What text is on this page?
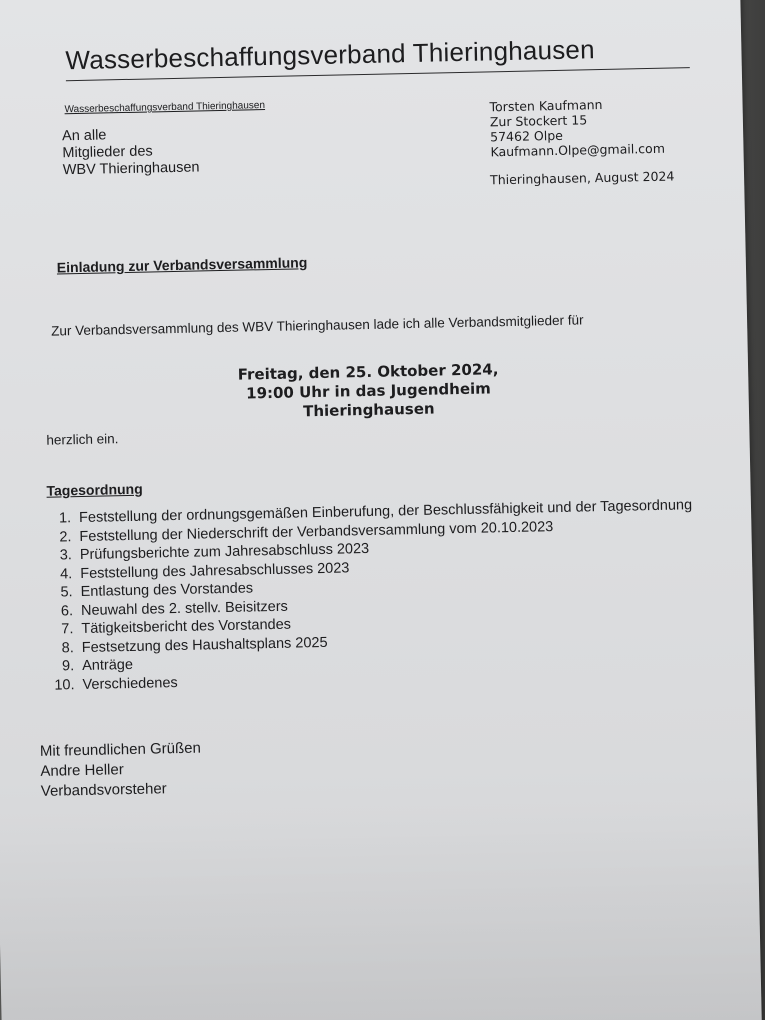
Wasserbeschaffungsverband Thieringhausen
Wasserbeschaffungsverband Thieringhausen
An alle
Mitglieder des
WBV Thieringhausen
Torsten Kaufmann
Zur Stockert 15
57462 Olpe
Kaufmann.Olpe@gmail.com
Thieringhausen, August 2024
Einladung zur Verbandsversammlung
Zur Verbandsversammlung des WBV Thieringhausen lade ich alle Verbandsmitglieder für
Freitag, den 25. Oktober 2024,
19:00 Uhr in das Jugendheim Thieringhausen
herzlich ein.
Tagesordnung
1. Feststellung der ordnungsgemäßen Einberufung, der Beschlussfähigkeit und der Tagesordnung
2. Feststellung der Niederschrift der Verbandsversammlung vom 20.10.2023
3. Prüfungsberichte zum Jahresabschluss 2023
4. Feststellung des Jahresabschlusses 2023
5. Entlastung des Vorstandes
6. Neuwahl des 2. stellv. Beisitzers
7. Tätigkeitsbericht des Vorstandes
8. Festsetzung des Haushaltsplans 2025
9. Anträge
10. Verschiedenes
Mit freundlichen Grüßen
Andre Heller
Verbandsvorsteher
